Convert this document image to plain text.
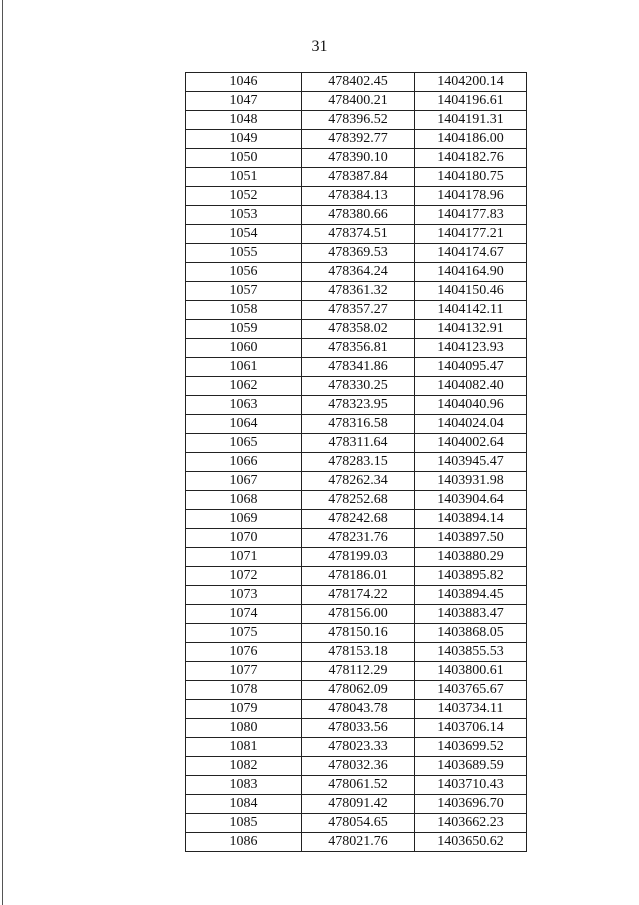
31
1046	478402.45	1404200.14
1047	478400.21	1404196.61
1048	478396.52	1404191.31
1049	478392.77	1404186.00
1050	478390.10	1404182.76
1051	478387.84	1404180.75
1052	478384.13	1404178.96
1053	478380.66	1404177.83
1054	478374.51	1404177.21
1055	478369.53	1404174.67
1056	478364.24	1404164.90
1057	478361.32	1404150.46
1058	478357.27	1404142.11
1059	478358.02	1404132.91
1060	478356.81	1404123.93
1061	478341.86	1404095.47
1062	478330.25	1404082.40
1063	478323.95	1404040.96
1064	478316.58	1404024.04
1065	478311.64	1404002.64
1066	478283.15	1403945.47
1067	478262.34	1403931.98
1068	478252.68	1403904.64
1069	478242.68	1403894.14
1070	478231.76	1403897.50
1071	478199.03	1403880.29
1072	478186.01	1403895.82
1073	478174.22	1403894.45
1074	478156.00	1403883.47
1075	478150.16	1403868.05
1076	478153.18	1403855.53
1077	478112.29	1403800.61
1078	478062.09	1403765.67
1079	478043.78	1403734.11
1080	478033.56	1403706.14
1081	478023.33	1403699.52
1082	478032.36	1403689.59
1083	478061.52	1403710.43
1084	478091.42	1403696.70
1085	478054.65	1403662.23
1086	478021.76	1403650.62
